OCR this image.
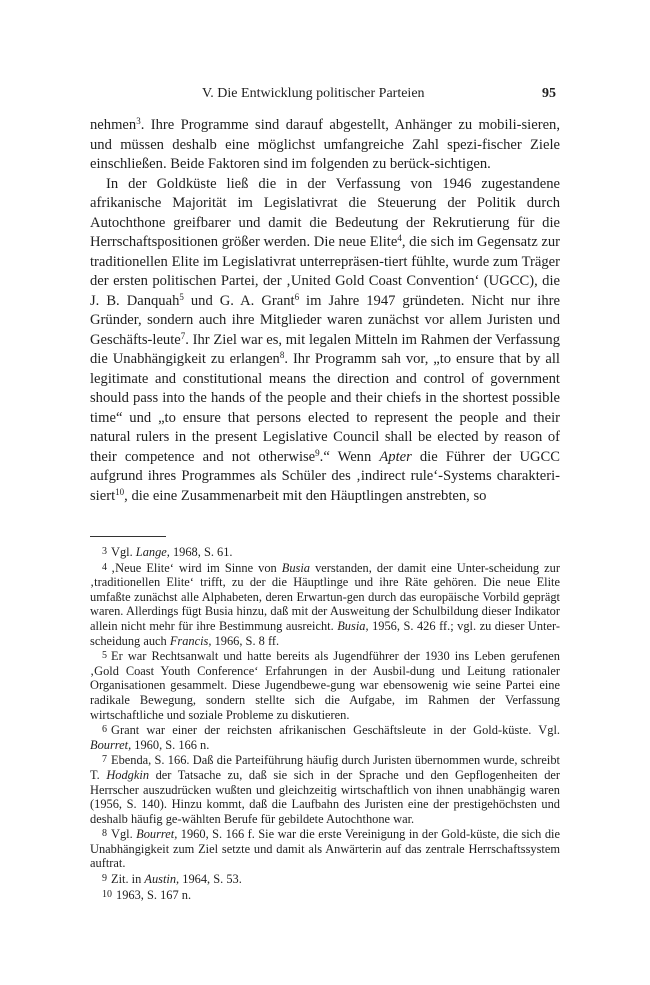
V. Die Entwicklung politischer Parteien	95

nehmen$^3$. Ihre Programme sind darauf abgestellt, Anhänger zu mobili-sieren, und müssen deshalb eine möglichst umfangreiche Zahl spezi-fischer Ziele einschließen. Beide Faktoren sind im folgenden zu berück-sichtigen.

In der Goldküste ließ die in der Verfassung von 1946 zugestandene afrikanische Majorität im Legislativrat die Steuerung der Politik durch Autochthone greifbarer und damit die Bedeutung der Rekrutierung für die Herrschaftspositionen größer werden. Die neue Elite$^4$, die sich im Gegensatz zur traditionellen Elite im Legislativrat unterrepräsen-tiert fühlte, wurde zum Träger der ersten politischen Partei, der ‚United Gold Coast Convention‘ (UGCC), die J. B. Danquah$^5$ und G. A. Grant$^6$ im Jahre 1947 gründeten. Nicht nur ihre Gründer, sondern auch ihre Mitglieder waren zunächst vor allem Juristen und Geschäfts-leute$^7$. Ihr Ziel war es, mit legalen Mitteln im Rahmen der Verfassung die Unabhängigkeit zu erlangen$^8$. Ihr Programm sah vor, „to ensure that by all legitimate and constitutional means the direction and control of government should pass into the hands of the people and their chiefs in the shortest possible time“ und „to ensure that persons elected to represent the people and their natural rulers in the present Legislative Council shall be elected by reason of their competence and not otherwise$^9$.“ Wenn Apter die Führer der UGCC aufgrund ihres Programmes als Schüler des ‚indirect rule‘-Systems charakteri-siert$^{10}$, die eine Zusammenarbeit mit den Häuptlingen anstrebten, so

3 Vgl. Lange, 1968, S. 61.

4 ‚Neue Elite‘ wird im Sinne von Busia verstanden, der damit eine Unter-scheidung zur ‚traditionellen Elite‘ trifft, zu der die Häuptlinge und ihre Räte gehören. Die neue Elite umfaßte zunächst alle Alphabeten, deren Erwartun-gen durch das europäische Vorbild geprägt waren. Allerdings fügt Busia hinzu, daß mit der Ausweitung der Schulbildung dieser Indikator allein nicht mehr für ihre Bestimmung ausreicht. Busia, 1956, S. 426 ff.; vgl. zu dieser Unter-scheidung auch Francis, 1966, S. 8 ff.

5 Er war Rechtsanwalt und hatte bereits als Jugendführer der 1930 ins Leben gerufenen ‚Gold Coast Youth Conference‘ Erfahrungen in der Ausbil-dung und Leitung rationaler Organisationen gesammelt. Diese Jugendbewe-gung war ebensowenig wie seine Partei eine radikale Bewegung, sondern stellte sich die Aufgabe, im Rahmen der Verfassung wirtschaftliche und soziale Probleme zu diskutieren.

6 Grant war einer der reichsten afrikanischen Geschäftsleute in der Gold-küste. Vgl. Bourret, 1960, S. 166 n.

7 Ebenda, S. 166. Daß die Parteiführung häufig durch Juristen übernommen wurde, schreibt T. Hodgkin der Tatsache zu, daß sie sich in der Sprache und den Gepflogenheiten der Herrscher auszudrücken wußten und gleichzeitig wirtschaftlich von ihnen unabhängig waren (1956, S. 140). Hinzu kommt, daß die Laufbahn des Juristen eine der prestigehöchsten und deshalb häufig ge-wählten Berufe für gebildete Autochthone war.

8 Vgl. Bourret, 1960, S. 166 f. Sie war die erste Vereinigung in der Gold-küste, die sich die Unabhängigkeit zum Ziel setzte und damit als Anwärterin auf das zentrale Herrschaftssystem auftrat.

9 Zit. in Austin, 1964, S. 53.

10 1963, S. 167 n.
